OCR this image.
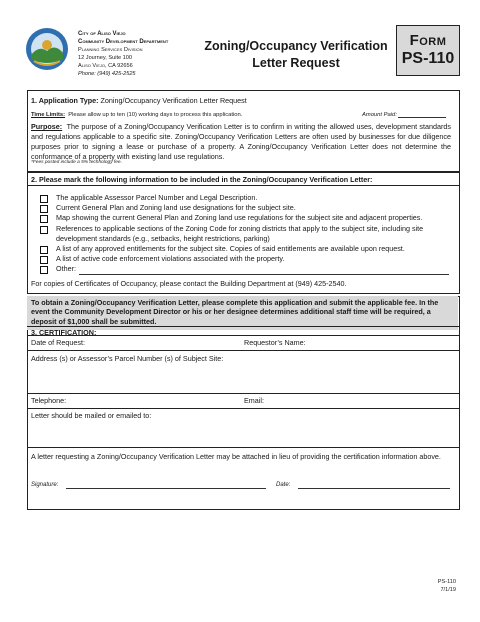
City of Aliso Viejo
Community Development Department
Planning Services Division
12 Journey, Suite 100
Aliso Viejo, CA 92656
Phone: (949) 425-2525
Zoning/Occupancy Verification
Letter Request
Form
PS-110
1. Application Type: Zoning/Occupancy Verification Letter Request
Time Limits: Please allow up to ten (10) working days to process this application.	Amount Paid:
Purpose: The purpose of a Zoning/Occupancy Verification Letter is to confirm in writing the allowed uses, development standards and regulations applicable to a specific site. Zoning/Occupancy Verification Letters are often used by businesses for due diligence purposes prior to signing a lease or purchase of a property. A Zoning/Occupancy Verification Letter does not determine the conformance of a property with existing land use regulations.
*Fees posted include a 5% technology fee.
2. Please mark the following information to be included in the Zoning/Occupancy Verification Letter:
The applicable Assessor Parcel Number and Legal Description.
Current General Plan and Zoning land use designations for the subject site.
Map showing the current General Plan and Zoning land use regulations for the subject site and adjacent properties.
References to applicable sections of the Zoning Code for zoning districts that apply to the subject site, including site development standards (e.g., setbacks, height restrictions, parking)
A list of any approved entitlements for the subject site. Copies of said entitlements are available upon request.
A list of active code enforcement violations associated with the property.
Other:
For copies of Certificates of Occupancy, please contact the Building Department at (949) 425-2540.
To obtain a Zoning/Occupancy Verification Letter, please complete this application and submit the applicable fee. In the event the Community Development Director or his or her designee determines additional staff time will be required, a deposit of $1,000 shall be submitted.
3. CERTIFICATION:
Date of Request:	Requestor’s Name:
Address (s) or Assessor’s Parcel Number (s) of Subject Site:
Telephone:	Email:
Letter should be mailed or emailed to:
A letter requesting a Zoning/Occupancy Verification Letter may be attached in lieu of providing the certification information above.
Signature:	Date:
PS-110
7/1/19
